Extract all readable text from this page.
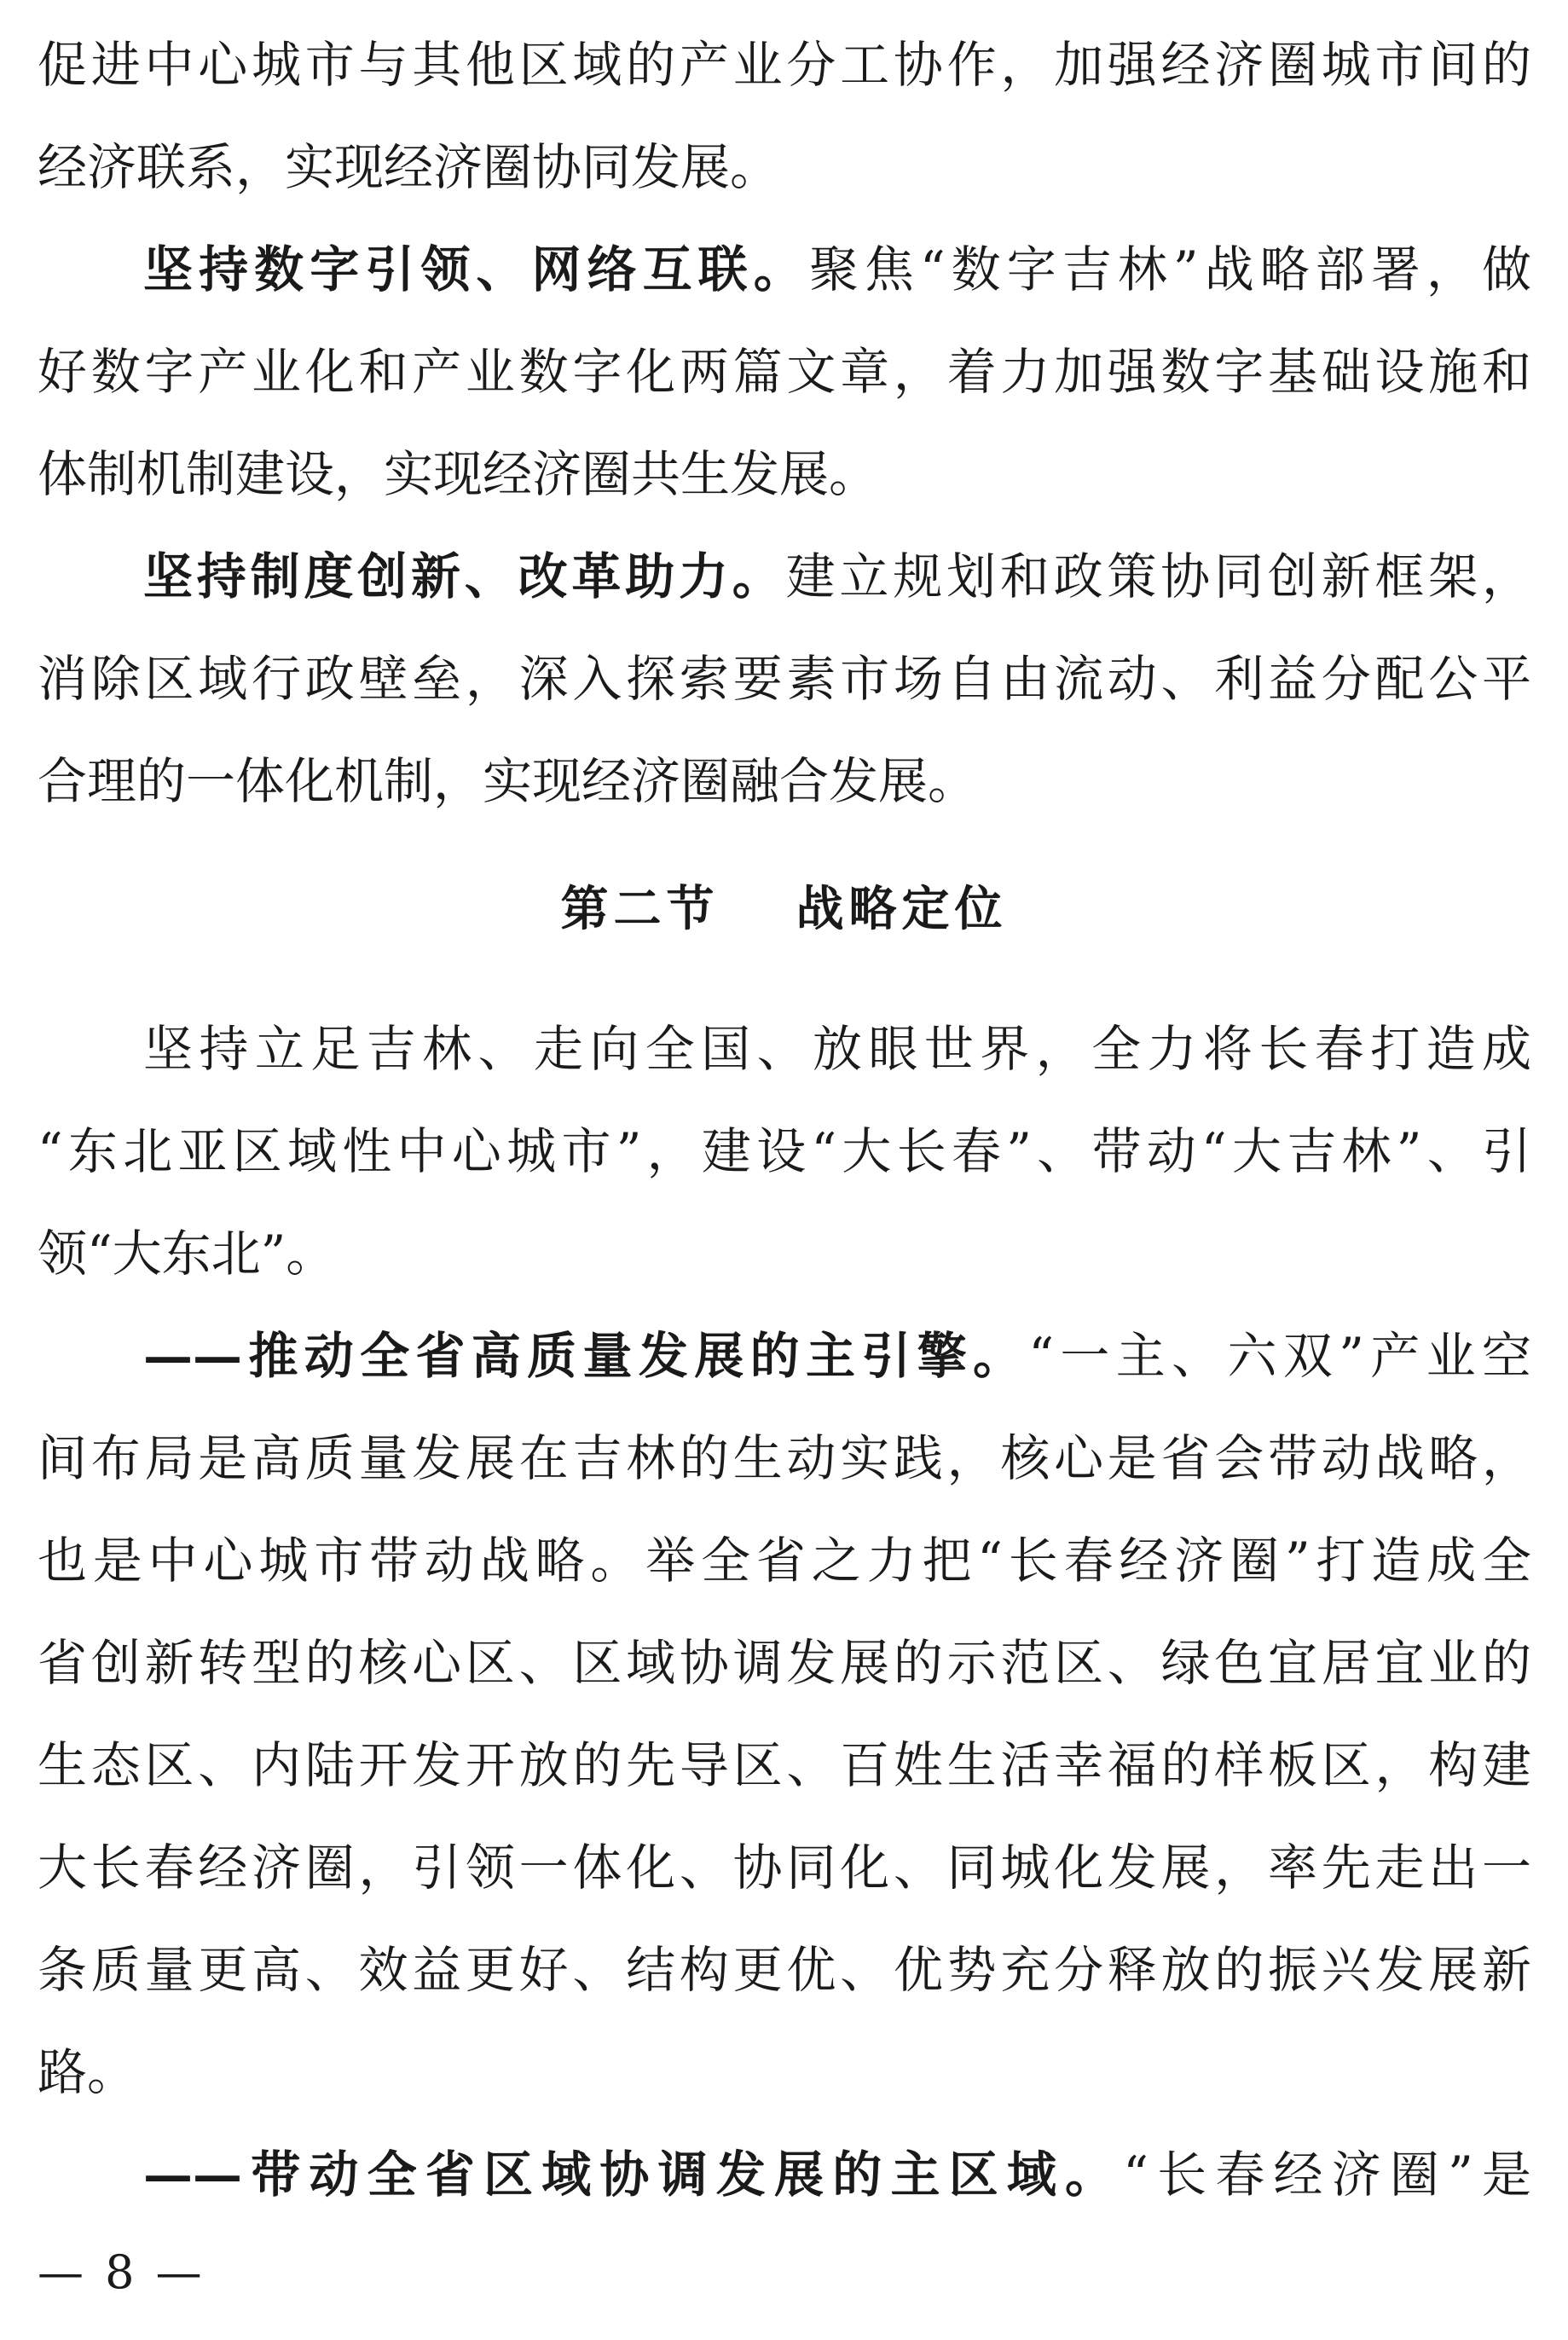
促进中心城市与其他区域的产业分工协作，加强经济圈城市间的
经济联系，实现经济圈协同发展。
坚持数字引领、网络互联。聚焦“数字吉林”战略部署，做
好数字产业化和产业数字化两篇文章，着力加强数字基础设施和
体制机制建设，实现经济圈共生发展。
坚持制度创新、改革助力。建立规划和政策协同创新框架，
消除区域行政壁垒，深入探索要素市场自由流动、利益分配公平
合理的一体化机制，实现经济圈融合发展。
第二节 战略定位
坚持立足吉林、走向全国、放眼世界，全力将长春打造成
“东北亚区域性中心城市”，建设“大长春”、带动“大吉林”、引
领“大东北”。
——推动全省高质量发展的主引擎。“一主、六双”产业空
间布局是高质量发展在吉林的生动实践，核心是省会带动战略，
也是中心城市带动战略。举全省之力把“长春经济圈”打造成全
省创新转型的核心区、区域协调发展的示范区、绿色宜居宜业的
生态区、内陆开发开放的先导区、百姓生活幸福的样板区，构建
大长春经济圈，引领一体化、协同化、同城化发展，率先走出一
条质量更高、效益更好、结构更优、优势充分释放的振兴发展新
路。
——带动全省区域协调发展的主区域。“长春经济圈”是
— 8 —
